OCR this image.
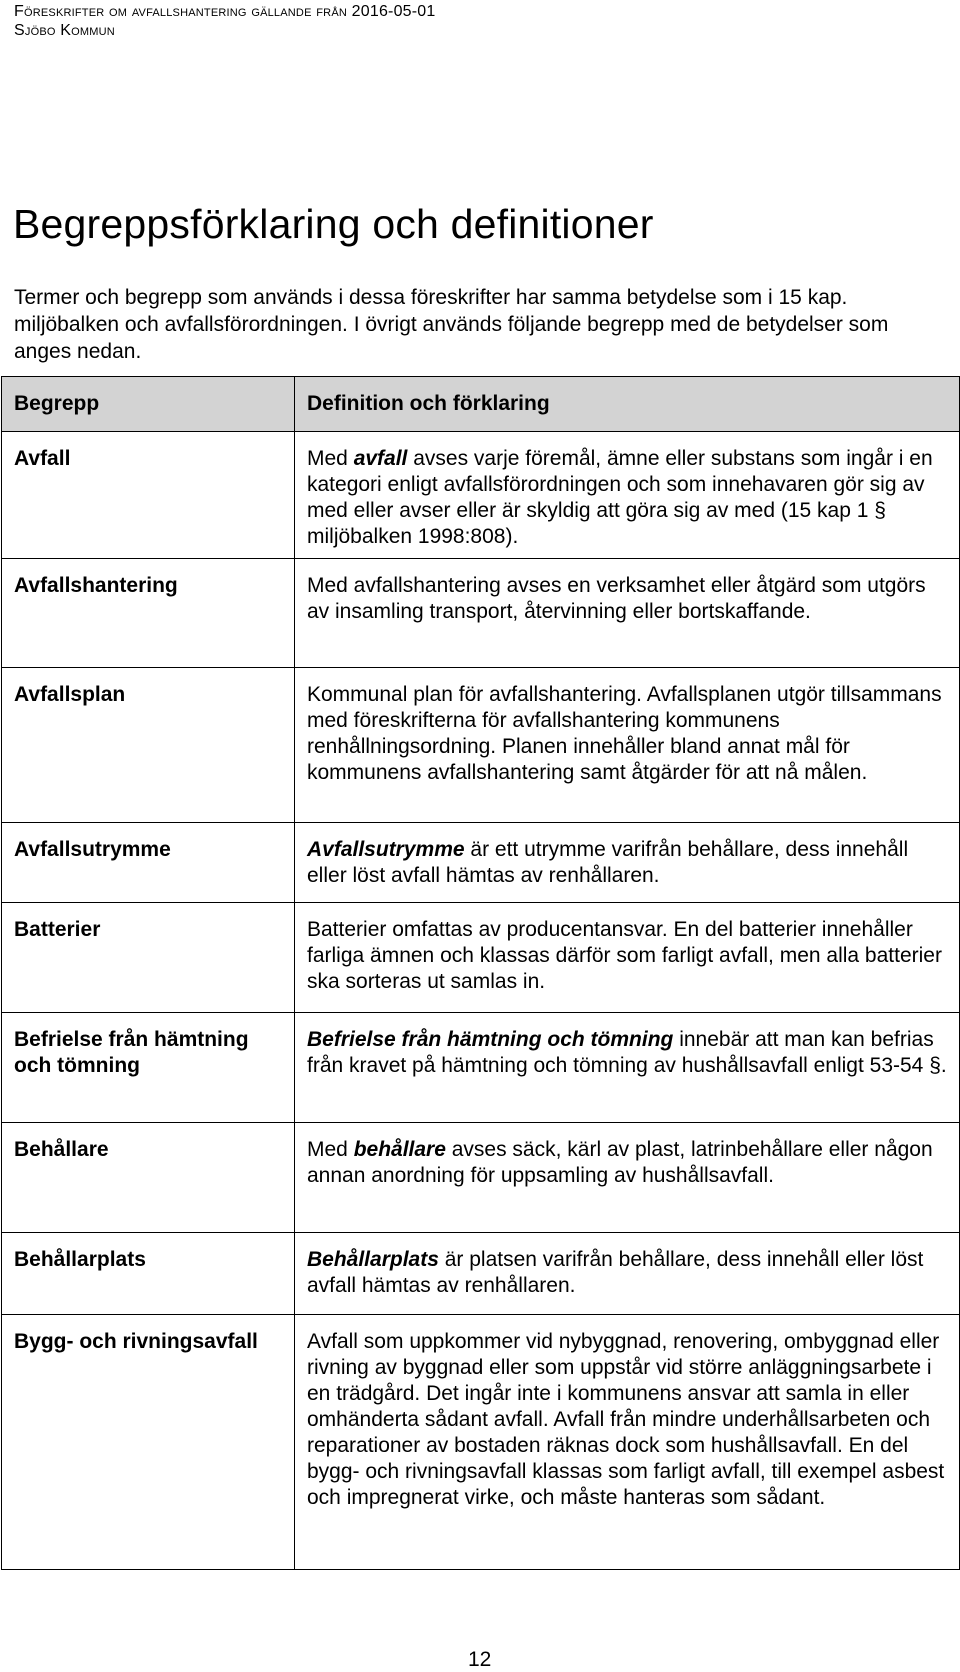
Föreskrifter om avfallshantering gällande från 2016-05-01
Sjöbo Kommun
Begreppsförklaring och definitioner

Termer och begrepp som används i dessa föreskrifter har samma betydelse som i 15 kap. miljöbalken och avfallsförordningen. I övrigt används följande begrepp med de betydelser som anges nedan.

Begrepp	Definition och förklaring

Avfall	Med avfall avses varje föremål, ämne eller substans som ingår i en kategori enligt avfallsförordningen och som innehavaren gör sig av med eller avser eller är skyldig att göra sig av med (15 kap 1 § miljöbalken 1998:808).

Avfallshantering	Med avfallshantering avses en verksamhet eller åtgärd som utgörs av insamling transport, återvinning eller bortskaffande.

Avfallsplan	Kommunal plan för avfallshantering. Avfallsplanen utgör tillsammans med föreskrifterna för avfallshantering kommunens renhållningsordning. Planen innehåller bland annat mål för kommunens avfallshantering samt åtgärder för att nå målen.

Avfallsutrymme	Avfallsutrymme är ett utrymme varifrån behållare, dess innehåll eller löst avfall hämtas av renhållaren.

Batterier	Batterier omfattas av producentansvar. En del batterier innehåller farliga ämnen och klassas därför som farligt avfall, men alla batterier ska sorteras ut samlas in.

Befrielse från hämtning och tömning	Befrielse från hämtning och tömning innebär att man kan befrias från kravet på hämtning och tömning av hushållsavfall enligt 53-54 §.

Behållare	Med behållare avses säck, kärl av plast, latrinbehållare eller någon annan anordning för uppsamling av hushållsavfall.

Behållarplats	Behållarplats är platsen varifrån behållare, dess innehåll eller löst avfall hämtas av renhållaren.

Bygg- och rivningsavfall	Avfall som uppkommer vid nybyggnad, renovering, ombyggnad eller rivning av byggnad eller som uppstår vid större anläggningsarbete i en trädgård. Det ingår inte i kommunens ansvar att samla in eller omhänderta sådant avfall. Avfall från mindre underhållsarbeten och reparationer av bostaden räknas dock som hushållsavfall. En del bygg- och rivningsavfall klassas som farligt avfall, till exempel asbest och impregnerat virke, och måste hanteras som sådant.
12
